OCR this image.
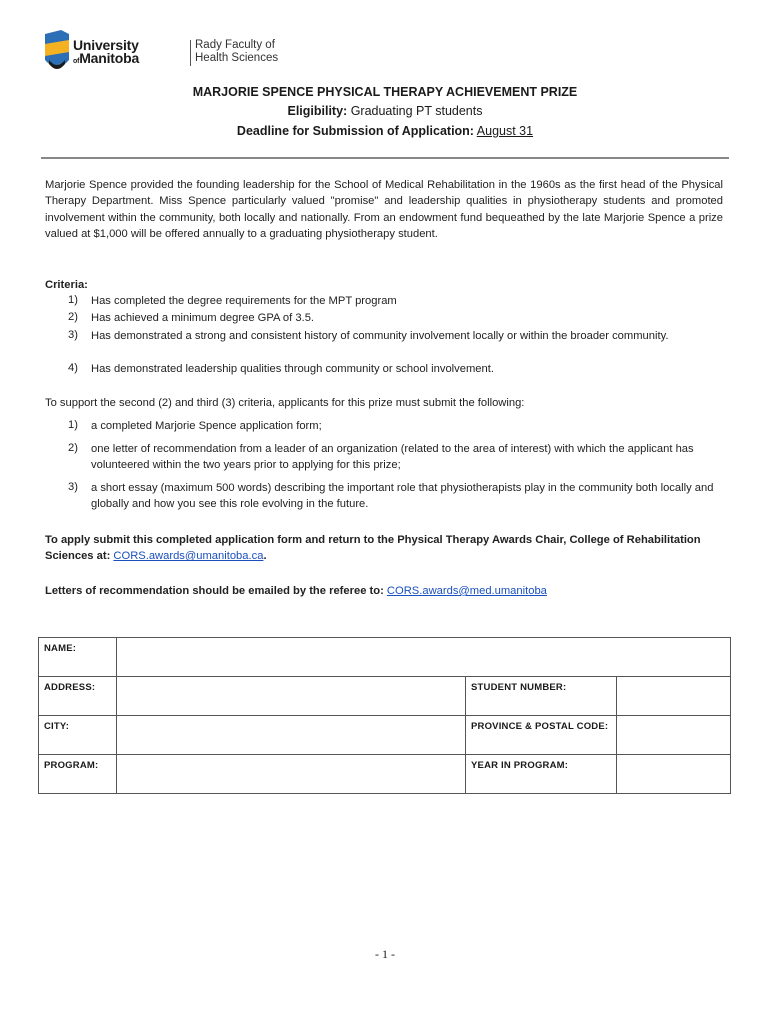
University
ofManitoba
Rady Faculty of
Health Sciences
MARJORIE SPENCE PHYSICAL THERAPY ACHIEVEMENT PRIZE
Eligibility: Graduating PT students
Deadline for Submission of Application: August 31
Marjorie Spence provided the founding leadership for the School of Medical Rehabilitation in the 1960s as the first head of the Physical Therapy Department. Miss Spence particularly valued "promise" and leadership qualities in physiotherapy students and promoted involvement within the community, both locally and nationally. From an endowment fund bequeathed by the late Marjorie Spence a prize valued at $1,000 will be offered annually to a graduating physiotherapy student.
Criteria:
1) Has completed the degree requirements for the MPT program
2) Has achieved a minimum degree GPA of 3.5.
3) Has demonstrated a strong and consistent history of community involvement locally or within the broader community.
4) Has demonstrated leadership qualities through community or school involvement.
To support the second (2) and third (3) criteria, applicants for this prize must submit the following:
1) a completed Marjorie Spence application form;
2) one letter of recommendation from a leader of an organization (related to the area of interest) with which the applicant has volunteered within the two years prior to applying for this prize;
3) a short essay (maximum 500 words) describing the important role that physiotherapists play in the community both locally and globally and how you see this role evolving in the future.
To apply submit this completed application form and return to the Physical Therapy Awards Chair, College of Rehabilitation Sciences at: CORS.awards@umanitoba.ca.
Letters of recommendation should be emailed by the referee to: CORS.awards@med.umanitoba
NAME:			
ADDRESS:		STUDENT NUMBER:	
CITY:		PROVINCE & POSTAL CODE:	
PROGRAM:		YEAR IN PROGRAM:	
- 1 -
